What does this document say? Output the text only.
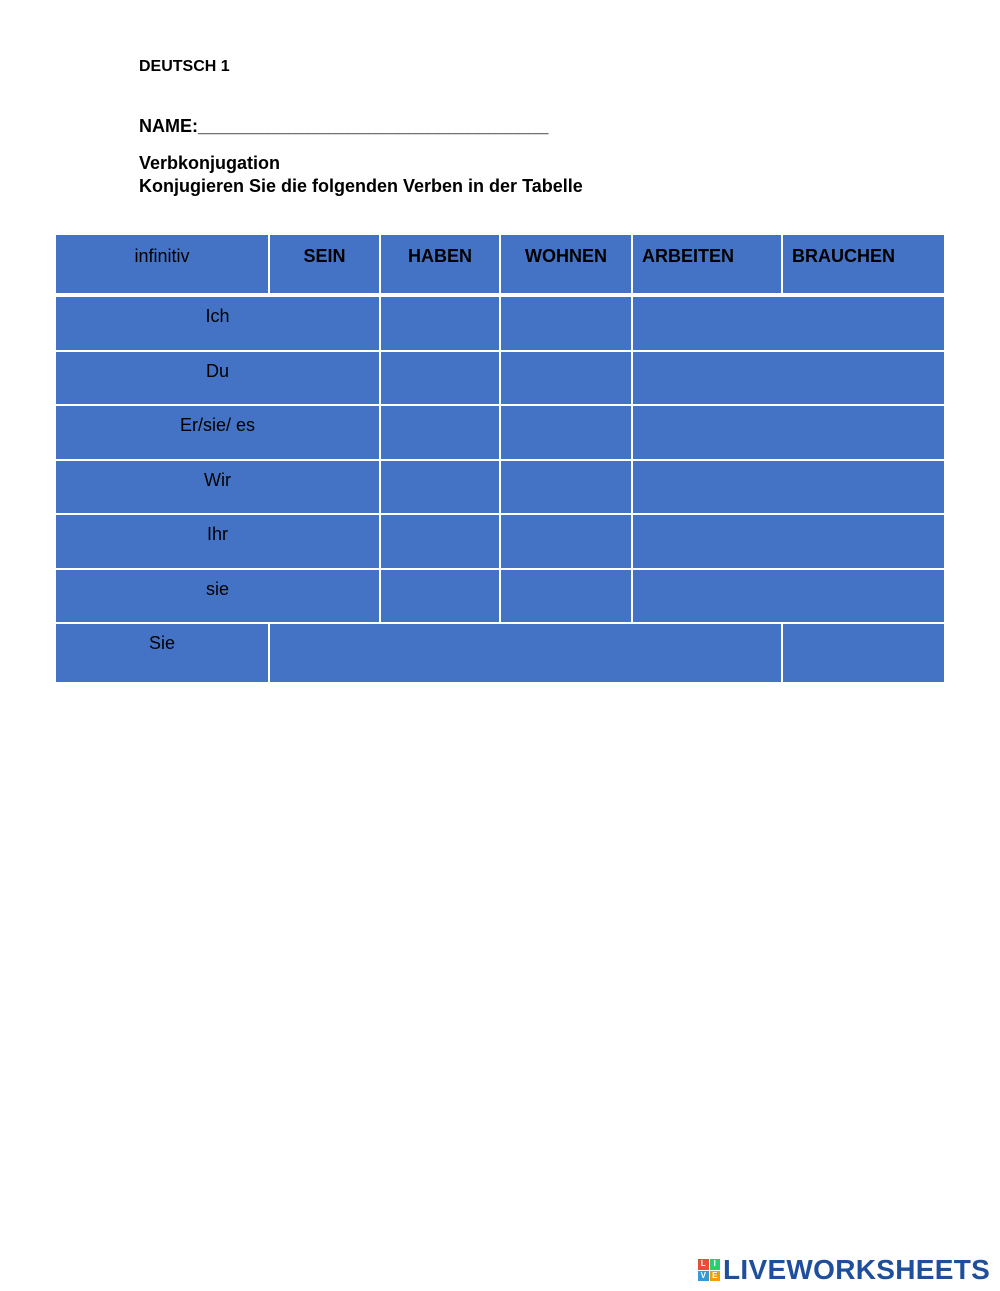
DEUTSCH 1
NAME:___________________________________
Verbkonjugation
Konjugieren Sie die folgenden Verben in der Tabelle
infinitiv	SEIN	HABEN	WOHNEN	ARBEITEN	BRAUCHEN
Ich
Du
Er/sie/ es
Wir
Ihr
sie
Sie
L I
V E LIVEWORKSHEETS
